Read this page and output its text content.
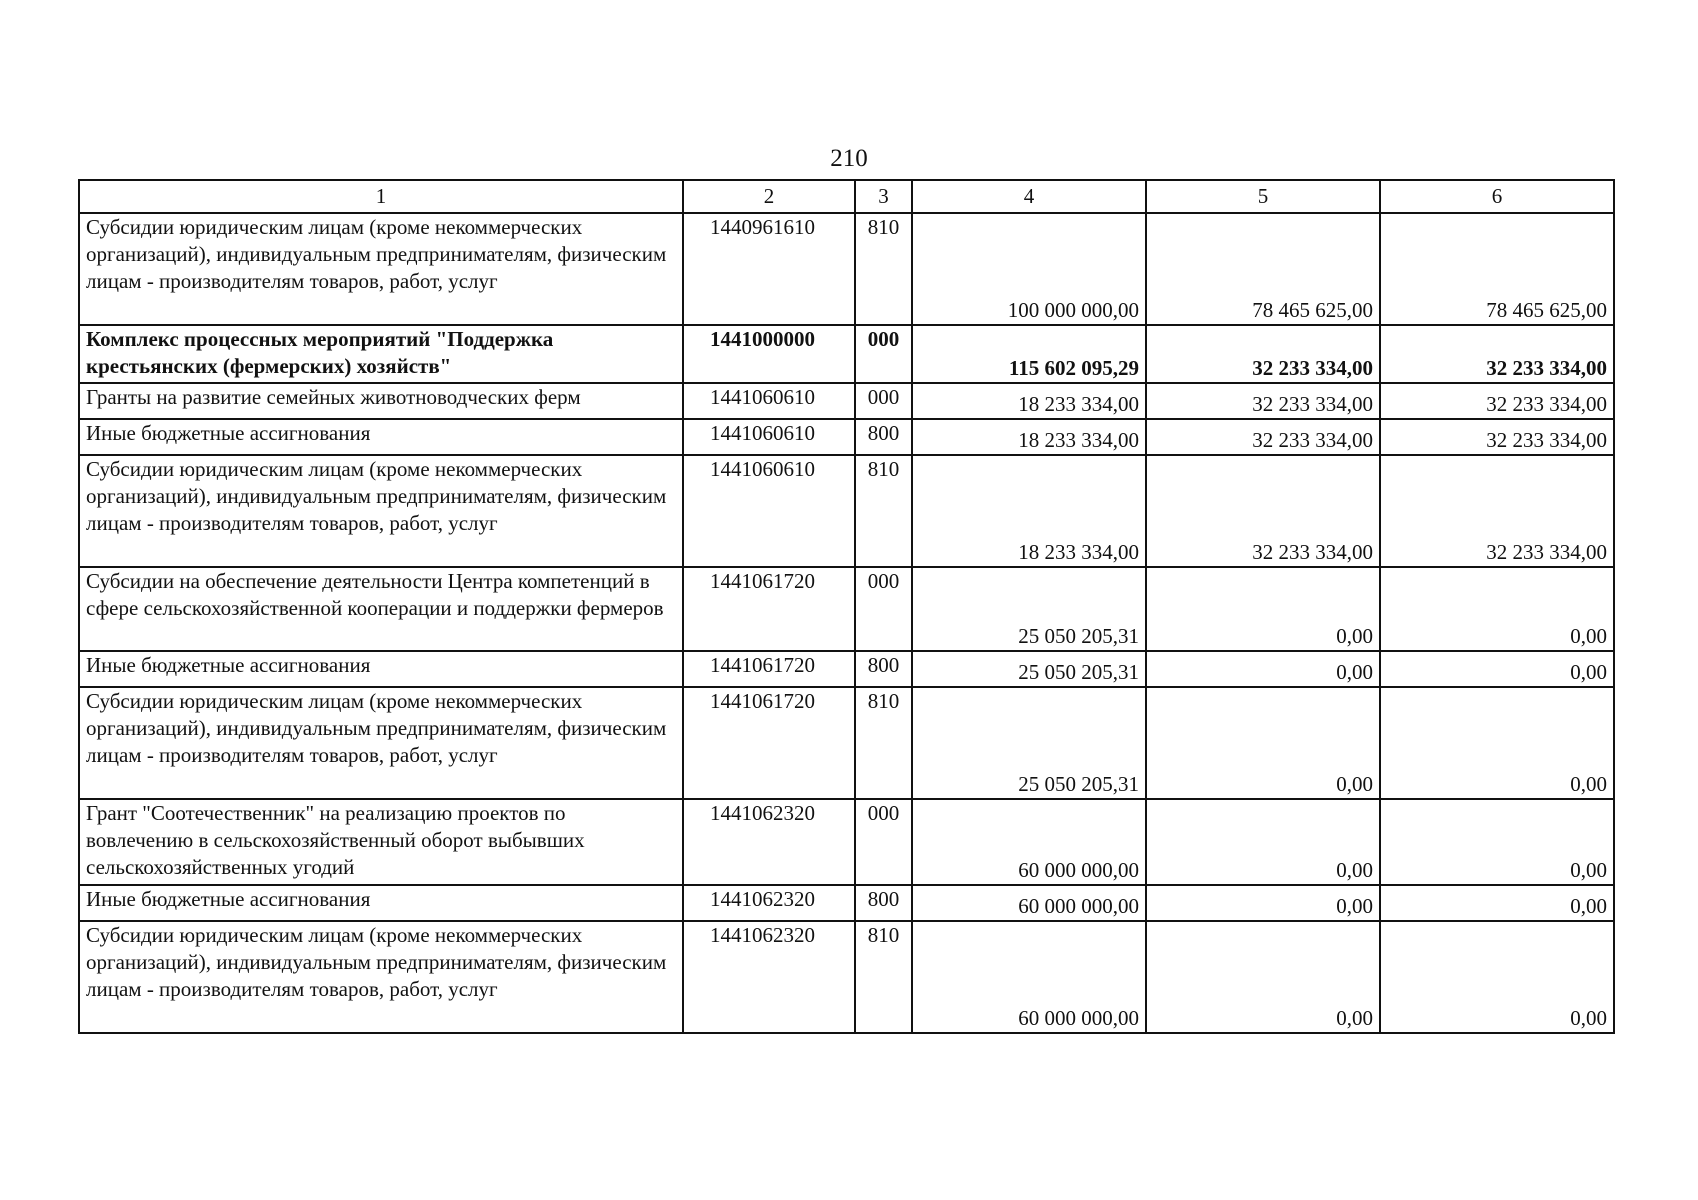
210
1	2	3	4	5	6
Субсидии юридическим лицам (кроме некоммерческих организаций), индивидуальным предпринимателям, физическим лицам - производителям товаров, работ, услуг	1440961610	810	100 000 000,00	78 465 625,00	78 465 625,00
Комплекс процессных мероприятий "Поддержка крестьянских (фермерских) хозяйств"	1441000000	000	115 602 095,29	32 233 334,00	32 233 334,00
Гранты на развитие семейных животноводческих ферм	1441060610	000	18 233 334,00	32 233 334,00	32 233 334,00
Иные бюджетные ассигнования	1441060610	800	18 233 334,00	32 233 334,00	32 233 334,00
Субсидии юридическим лицам (кроме некоммерческих организаций), индивидуальным предпринимателям, физическим лицам - производителям товаров, работ, услуг	1441060610	810	18 233 334,00	32 233 334,00	32 233 334,00
Субсидии на обеспечение деятельности Центра компетенций в сфере сельскохозяйственной кооперации и поддержки фермеров	1441061720	000	25 050 205,31	0,00	0,00
Иные бюджетные ассигнования	1441061720	800	25 050 205,31	0,00	0,00
Субсидии юридическим лицам (кроме некоммерческих организаций), индивидуальным предпринимателям, физическим лицам - производителям товаров, работ, услуг	1441061720	810	25 050 205,31	0,00	0,00
Грант "Соотечественник" на реализацию проектов по вовлечению в сельскохозяйственный оборот выбывших сельскохозяйственных угодий	1441062320	000	60 000 000,00	0,00	0,00
Иные бюджетные ассигнования	1441062320	800	60 000 000,00	0,00	0,00
Субсидии юридическим лицам (кроме некоммерческих организаций), индивидуальным предпринимателям, физическим лицам - производителям товаров, работ, услуг	1441062320	810	60 000 000,00	0,00	0,00
